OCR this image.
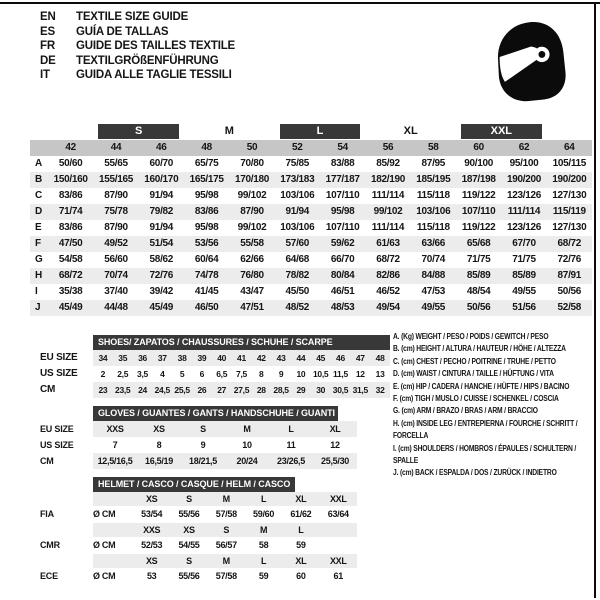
EN	TEXTILE SIZE GUIDE
ES	GUÍA DE TALLAS
FR	GUIDE DES TAILLES TEXTILE
DE	TEXTILGRÖßENFÜHRUNG
IT	GUIDA ALLE TAGLIE TESSILI

		S		M		L		XL		XXL		

	42	44	46	48	50	52	54	56	58	60	62	64
A	50/60	55/65	60/70	65/75	70/80	75/85	83/88	85/92	87/95	90/100	95/100	105/115
B	150/160	155/165	160/170	165/175	170/180	173/183	177/187	182/190	185/195	187/198	190/200	190/200
C	83/86	87/90	91/94	95/98	99/102	103/106	107/110	111/114	115/118	119/122	123/126	127/130
D	71/74	75/78	79/82	83/86	87/90	91/94	95/98	99/102	103/106	107/110	111/114	115/119
E	83/86	87/90	91/94	95/98	99/102	103/106	107/110	111/114	115/118	119/122	123/126	127/130
F	47/50	49/52	51/54	53/56	55/58	57/60	59/62	61/63	63/66	65/68	67/70	68/72
G	54/58	56/60	58/62	60/64	62/66	64/68	66/70	68/72	70/74	71/75	71/75	72/76
H	68/72	70/74	72/76	74/78	76/80	78/82	80/84	82/86	84/88	85/89	85/89	87/91
I	35/38	37/40	39/42	41/45	43/47	45/50	46/51	46/52	47/53	48/54	49/55	50/56
J	45/49	44/48	45/49	46/50	47/51	48/52	48/53	49/54	49/55	50/56	51/56	52/58

	SHOES/ ZAPATOS / CHAUSSURES / SCHUHE / SCARPE														

EU SIZE	34	35	36	37	38	39	40	41	42	43	44	45	46	47	48
US SIZE	2	2,5	3,5	4	5	6	6,5	7,5	8	9	10	10,5	11,5	12	13
CM	23	23,5	24	24,5	25,5	26	27	27,5	28	28,5	29	30	30,5	31,5	32

	GLOVES / GUANTES / GANTS / HANDSCHUHE / GUANTI					

EU SIZE	XXS	XS	S	M	L	XL
US SIZE	7	8	9	10	11	12
CM	12,5/16,5	16,5/19	18/21,5	20/24	23/26,5	25,5/30

	HELMET / CASCO / CASQUE / HELM / CASCO						

		XS	S	M	L	XL	XXL
FIA	Ø CM	53/54	55/56	57/58	59/60	61/62	63/64
		XXS	XS	S	M	L	
CMR	Ø CM	52/53	54/55	56/57	58	59	
		XS	S	M	L	XL	XXL
ECE	Ø CM	53	55/56	57/58	59	60	61
A. (Kg) WEIGHT / PESO / POIDS / GEWITCH / PESO
B. (cm) HEIGHT / ALTURA / HAUTEUR / HÖHE / ALTEZZA
C. (cm) CHEST / PECHO / POITRINE / TRUHE / PETTO
D. (cm) WAIST / CINTURA / TAILLE / HÜFTUNG / VITA
E. (cm) HIP / CADERA / HANCHE / HÜFTE / HIPS / BACINO
F. (cm) TIGH / MUSLO / CUISSE / SCHENKEL / COSCIA
G. (cm) ARM / BRAZO / BRAS / ARM / BRACCIO
H. (cm) INSIDE LEG / ENTREPIERNA / FOURCHE / SCHRITT / FORCELLA
I. (cm) SHOULDERS / HOMBROS / ÉPAULES / SCHULTERN / SPALLE
J. (cm) BACK / ESPALDA / DOS / ZURÜCK / INDIETRO
